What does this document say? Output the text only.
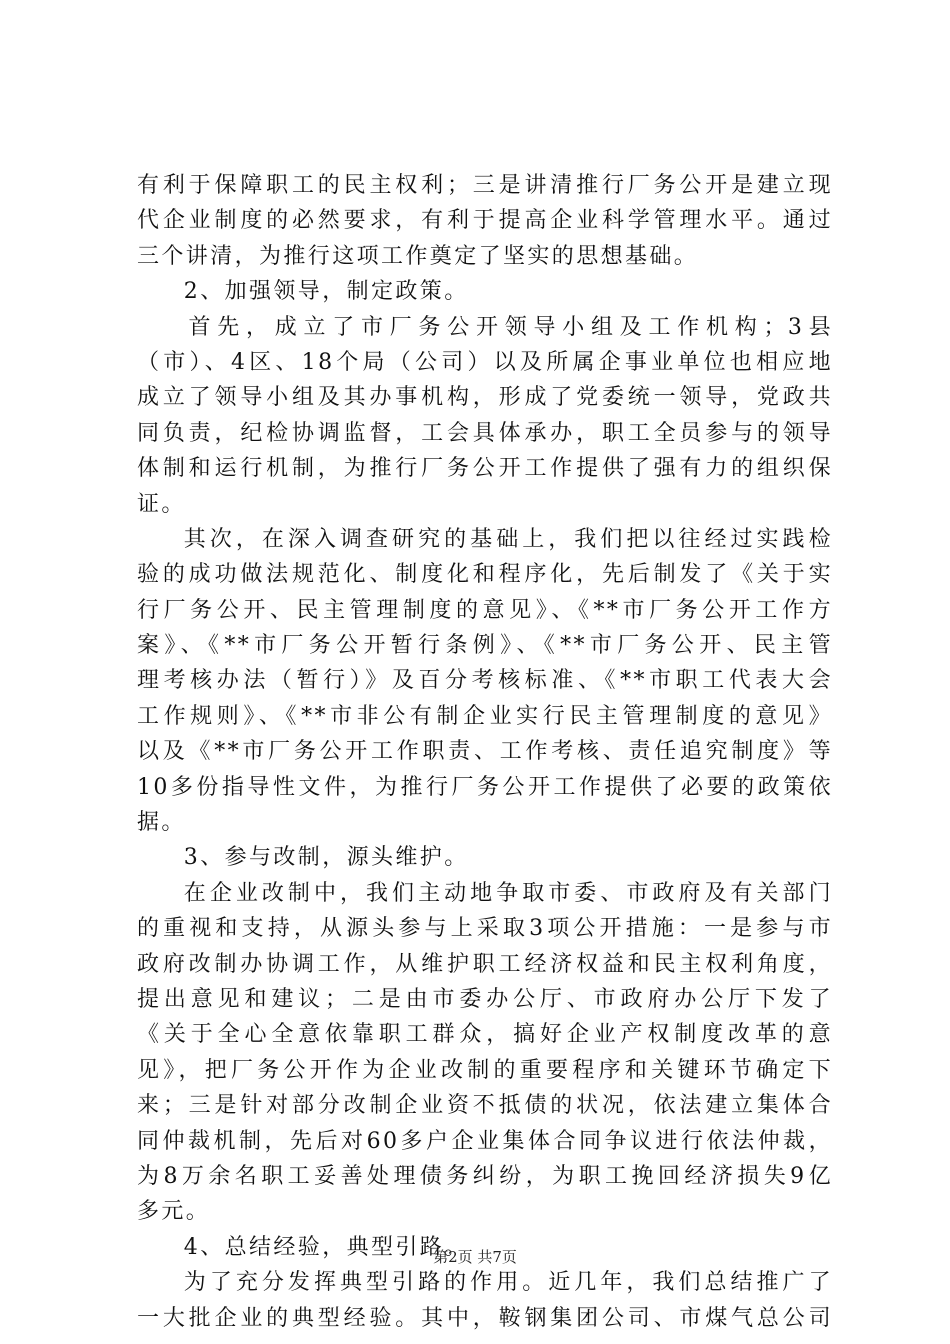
有利于保障职工的民主权利；三是讲清推行厂务公开是建立现
代企业制度的必然要求，有利于提高企业科学管理水平。通过
三个讲清，为推行这项工作奠定了坚实的思想基础。
2、加强领导，制定政策。
首先，成立了市厂务公开领导小组及工作机构；3县
（市）、4区、18个局（公司）以及所属企事业单位也相应地
成立了领导小组及其办事机构，形成了党委统一领导，党政共
同负责，纪检协调监督，工会具体承办，职工全员参与的领导
体制和运行机制，为推行厂务公开工作提供了强有力的组织保
证。
其次，在深入调查研究的基础上，我们把以往经过实践检
验的成功做法规范化、制度化和程序化，先后制发了《关于实
行厂务公开、民主管理制度的意见》、《**市厂务公开工作方
案》、《**市厂务公开暂行条例》、《**市厂务公开、民主管
理考核办法（暂行）》及百分考核标准、《**市职工代表大会
工作规则》、《**市非公有制企业实行民主管理制度的意见》
以及《**市厂务公开工作职责、工作考核、责任追究制度》等
10多份指导性文件，为推行厂务公开工作提供了必要的政策依
据。
3、参与改制，源头维护。
在企业改制中，我们主动地争取市委、市政府及有关部门
的重视和支持，从源头参与上采取3项公开措施：一是参与市
政府改制办协调工作，从维护职工经济权益和民主权利角度，
提出意见和建议；二是由市委办公厅、市政府办公厅下发了
《关于全心全意依靠职工群众，搞好企业产权制度改革的意
见》，把厂务公开作为企业改制的重要程序和关键环节确定下
来；三是针对部分改制企业资不抵债的状况，依法建立集体合
同仲裁机制，先后对60多户企业集体合同争议进行依法仲裁，
为8万余名职工妥善处理债务纠纷，为职工挽回经济损失9亿
多元。
4、总结经验，典型引路。
为了充分发挥典型引路的作用。近几年，我们总结推广了
一大批企业的典型经验。其中，鞍钢集团公司、市煤气总公司
第2页 共7页
